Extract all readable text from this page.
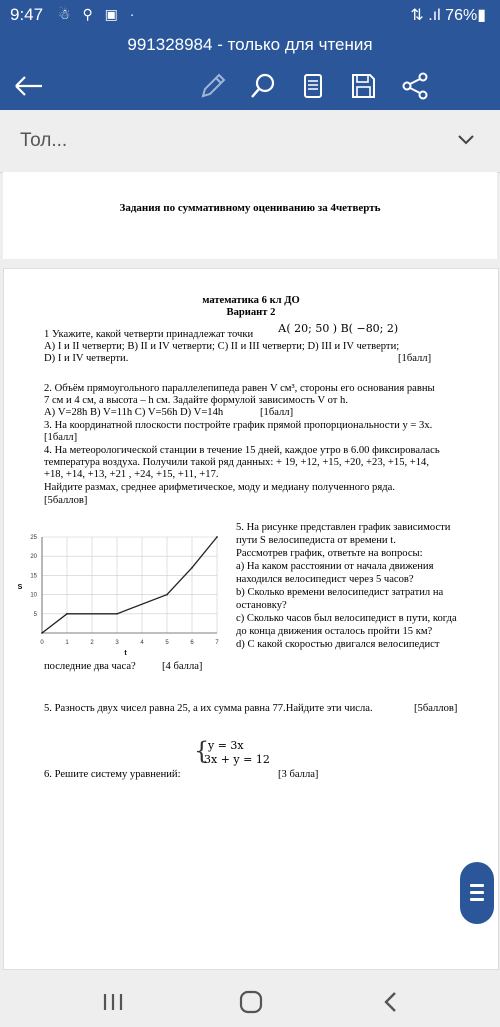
9:47 ☃ ⚲ ▣ ·	⇅ .ıl 76%▮
991328984 - только для чтения
Тол...
Задания по суммативному оцениванию за 4четверть
математика 6 кл ДО
Вариант 2
1 Укажите, какой четверти принадлежат точки А( 20; 50 ) B( −80; 2)
А) I и II четверти; B) II и IV четверти; C) II и III четверти; D) III и IV четверти;
D) I и IV четверти.	[1балл]
2. Объём прямоугольного параллелепипеда равен V см³, стороны его основания равны
7 см и 4 см, а высота – h см. Задайте формулой зависимость V от h.
А) V=28h B) V=11h C) V=56h D) V=14h	[1балл]
3. На координатной плоскости постройте график прямой пропорциональности y = 3x.
[1балл]
4. На метеорологической станции в течение 15 дней, каждое утро в 6.00 фиксировалась
температура воздуха. Получили такой ряд данных: + 19, +12, +15, +20, +23, +15, +14,
+18, +14, +13, +21 , +24, +15, +11, +17.
Найдите размах, среднее арифметическое, моду и медиану полученного ряда.
[5баллов]
0	1	2	3	4	5	6	7
5
10
15
20
25
t
S
5. На рисунке представлен график зависимости
пути S велосипедиста от времени t.
Рассмотрев график, ответьте на вопросы:
а) На каком расстоянии от начала движения
находился велосипедист через 5 часов?
b) Сколько времени велосипедист затратил на
остановку?
c) Сколько часов был велосипедист в пути, когда
до конца движения осталось пройти 15 км?
d) С какой скоростью двигался велосипедист
последние два часа? [4 балла]
5. Разность двух чисел равна 25, а их сумма равна 77.Найдите эти числа.	[5баллов]
{
y = 3x
3x + y = 12
6. Решите систему уравнений:	[3 балла]
